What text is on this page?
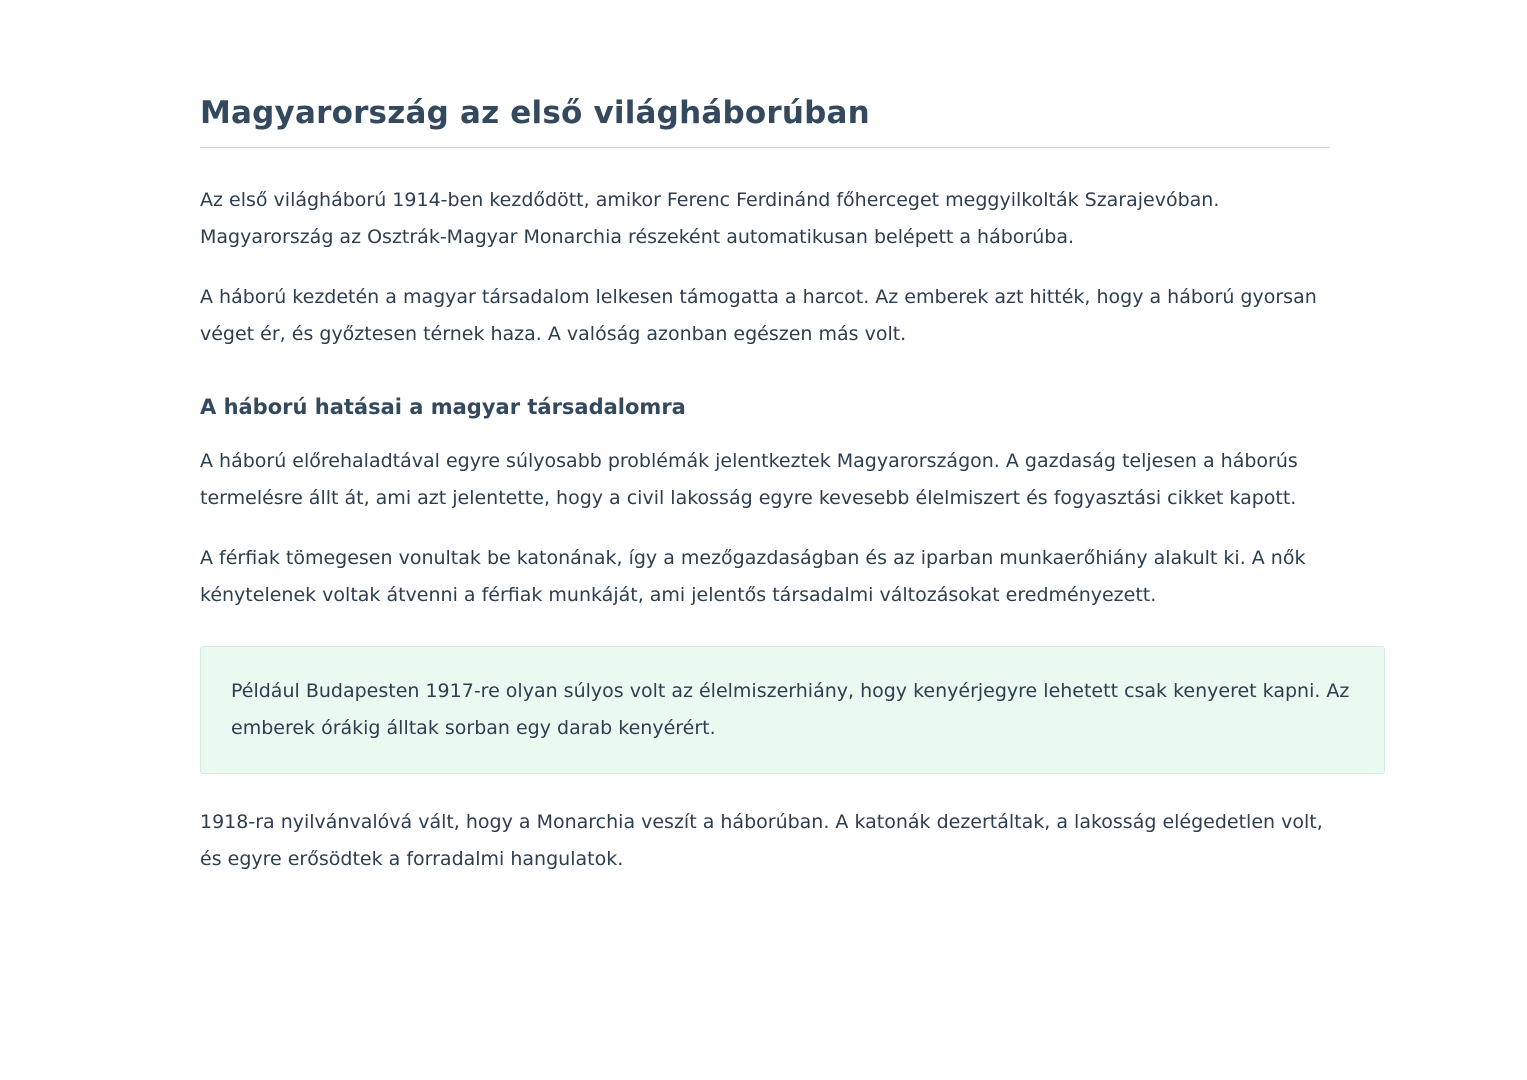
Magyarország az első világháborúban

Az első világháború 1914-ben kezdődött, amikor Ferenc Ferdinánd főherceget meggyilkolták Szarajevóban. Magyarország az Osztrák-Magyar Monarchia részeként automatikusan belépett a háborúba.

A háború kezdetén a magyar társadalom lelkesen támogatta a harcot. Az emberek azt hitték, hogy a háború gyorsan véget ér, és győztesen térnek haza. A valóság azonban egészen más volt.

A háború hatásai a magyar társadalomra

A háború előrehaladtával egyre súlyosabb problémák jelentkeztek Magyarországon. A gazdaság teljesen a háborús termelésre állt át, ami azt jelentette, hogy a civil lakosság egyre kevesebb élelmiszert és fogyasztási cikket kapott.

A férfiak tömegesen vonultak be katonának, így a mezőgazdaságban és az iparban munkaerőhiány alakult ki. A nők kénytelenek voltak átvenni a férfiak munkáját, ami jelentős társadalmi változásokat eredményezett.

Például Budapesten 1917-re olyan súlyos volt az élelmiszerhiány, hogy kenyérjegyre lehetett csak kenyeret kapni. Az emberek órákig álltak sorban egy darab kenyérért.

1918-ra nyilvánvalóvá vált, hogy a Monarchia veszít a háborúban. A katonák dezertáltak, a lakosság elégedetlen volt, és egyre erősödtek a forradalmi hangulatok.
